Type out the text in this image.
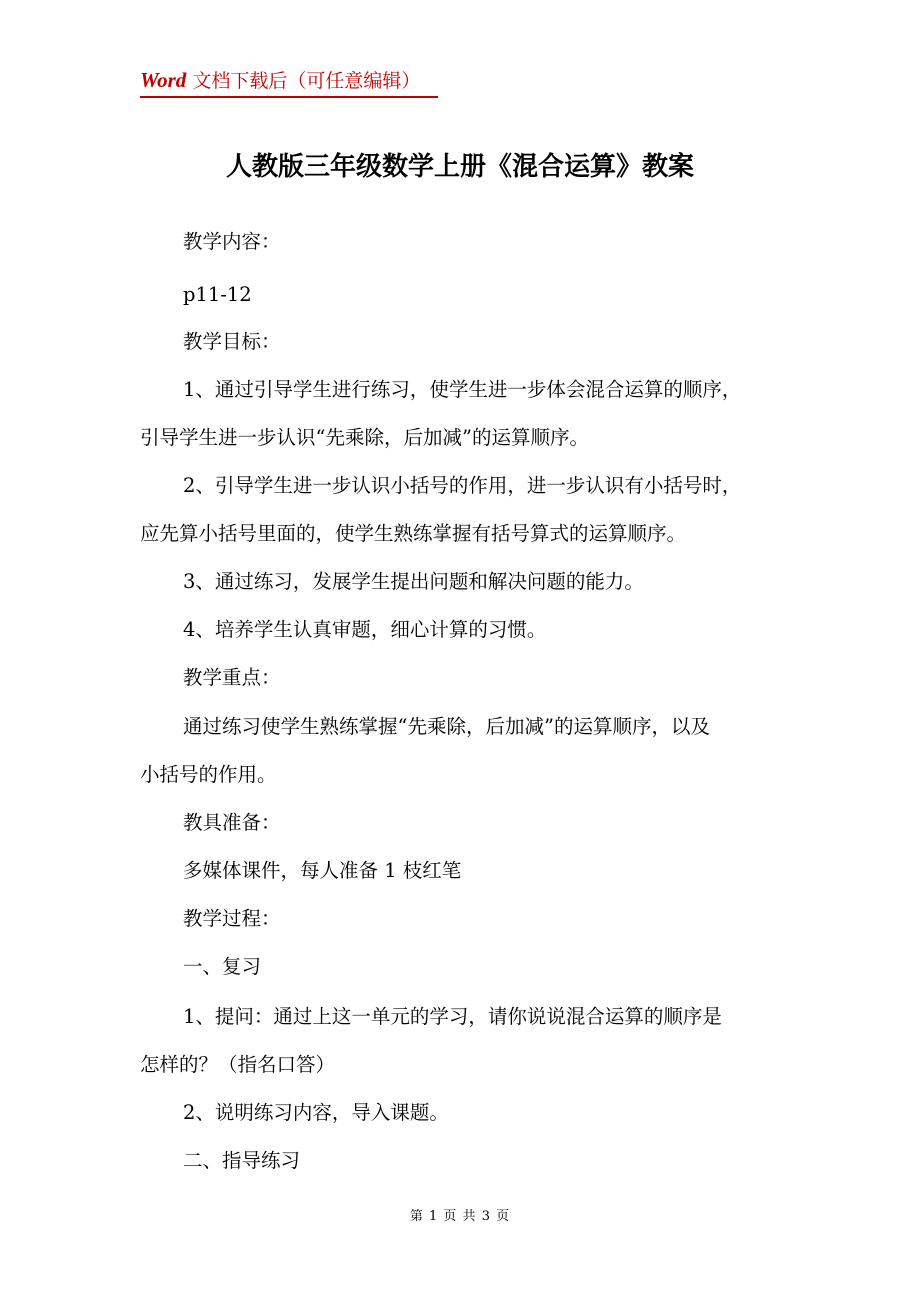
Word 文档下载后（可任意编辑）
人教版三年级数学上册《混合运算》教案

教学内容：

p11-12

教学目标：

1、通过引导学生进行练习，使学生进一步体会混合运算的顺序，

引导学生进一步认识“先乘除，后加减”的运算顺序。

2、引导学生进一步认识小括号的作用，进一步认识有小括号时，

应先算小括号里面的，使学生熟练掌握有括号算式的运算顺序。

3、通过练习，发展学生提出问题和解决问题的能力。

4、培养学生认真审题，细心计算的习惯。

教学重点：

通过练习使学生熟练掌握“先乘除，后加减”的运算顺序，以及

小括号的作用。

教具准备：

多媒体课件，每人准备 1 枝红笔

教学过程：

一、复习

1、提问：通过上这一单元的学习，请你说说混合运算的顺序是

怎样的？（指名口答）

2、说明练习内容，导入课题。

二、指导练习

第 1 页 共 3 页
